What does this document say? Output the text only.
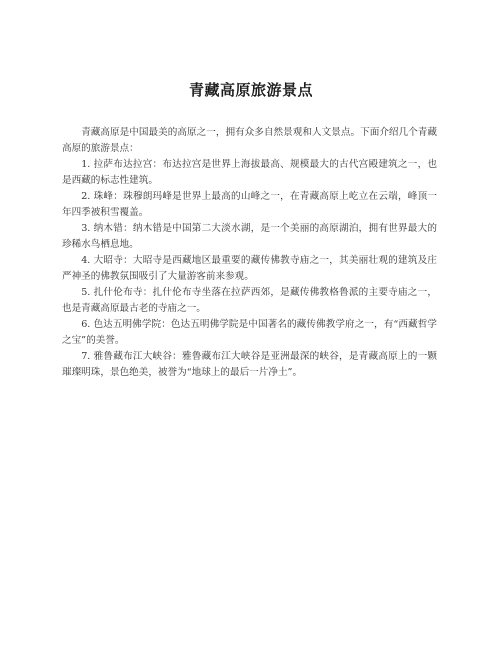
青藏高原旅游景点

青藏高原是中国最美的高原之一，拥有众多自然景观和人文景点。下面介绍几个青藏高原的旅游景点：

1. 拉萨布达拉宫：布达拉宫是世界上海拔最高、规模最大的古代宫殿建筑之一，也是西藏的标志性建筑。

2. 珠峰：珠穆朗玛峰是世界上最高的山峰之一，在青藏高原上屹立在云端，峰顶一年四季被积雪覆盖。

3. 纳木错：纳木错是中国第二大淡水湖，是一个美丽的高原湖泊，拥有世界最大的珍稀水鸟栖息地。

4. 大昭寺：大昭寺是西藏地区最重要的藏传佛教寺庙之一，其美丽壮观的建筑及庄严神圣的佛教氛围吸引了大量游客前来参观。

5. 扎什伦布寺：扎什伦布寺坐落在拉萨西郊，是藏传佛教格鲁派的主要寺庙之一，也是青藏高原最古老的寺庙之一。

6. 色达五明佛学院：色达五明佛学院是中国著名的藏传佛教学府之一，有“西藏哲学之宝”的美誉。

7. 雅鲁藏布江大峡谷：雅鲁藏布江大峡谷是亚洲最深的峡谷，是青藏高原上的一颗璀璨明珠，景色绝美，被誉为“地球上的最后一片净土”。
